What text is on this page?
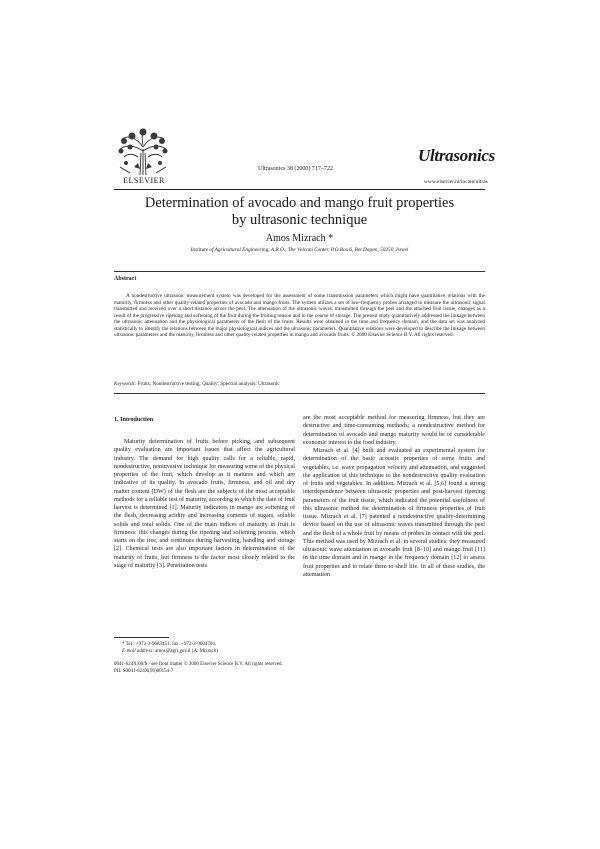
ELSEVIER
Ultrasonics 38 (2000) 717–722
Ultrasonics
www.elsevier.nl/locate/ultras
Determination of avocado and mango fruit properties
by ultrasonic technique
Amos Mizrach *
Institute of Agricultural Engineering, A.R.O., The Volcani Center, P.O.Box 6, Bet Dagan, 50250, Israel
Abstract
A nondestructive ultrasonic measurement system was developed for the assessment of some transmission parameters which might have quantitative relations with the maturity, firmness and other quality-related properties of avocado and mango fruits. The system utilizes a set of low-frequency probes arranged to measure the ultrasonic signal transmitted and received over a short distance across the peel. The attenuation of the ultrasonic waves, transmitted through the peel and the attached fruit tissue, changes as a result of the progressive ripening and softening of the fruit during the fruiting season and in the course of storage. The present study quantitatively addressed the linkage between the ultrasonic attenuation and the physiological parameters of the flesh of the fruits. Results were obtained in the time and frequency domain, and the data set was analyzed statistically to identify the relations between the major physiological indices and the ultrasonic parameters. Quantitative relations were developed to describe the linkage between ultrasonic parameters and the maturity, firmness and other quality-related properties in mango and avocado fruits. © 2000 Elsevier Science B.V. All rights reserved.
Keywords: Fruits; Nondestructive testing; Quality; Spectral analysis; Ultrasonic
1. Introduction

Maturity determination of fruits before picking, and subsequent quality evaluation are important issues that affect the agricultural industry. The demand for high quality calls for a reliable, rapid, nondestructive, noninvasive technique for measuring some of the physical properties of the fruit, which develop as it matures and which are indicative of its quality. In avocado fruits, firmness, and oil and dry matter content (DW) of the flesh are the subjects of the most acceptable methods for a reliable test of maturity, according to which the date of fruit harvest is determined [1]. Maturity indicators in mango are softening of the flesh, decreasing acidity and increasing contents of sugars, soluble solids and total solids. One of the main indices of maturity in fruit is firmness: this changes during the ripening and softening process, which starts on the tree, and continues during harvesting, handling and storage [2]. Chemical tests are also important factors in determination of the maturity of fruits, but firmness is the factor most closely related to the stage of maturity [3]. Penetration tests

are the most acceptable method for measuring firmness, but they are destructive and time-consuming methods; a nondestructive method for determination of avocado and mango maturity would be of considerable economic interest to the food industry.

Mizrach et al. [4] built and evaluated an experimental system for determination of the basic acoustic properties of some fruits and vegetables, i.e. wave propagation velocity and attenuation, and suggested the application of this technique to the nondestructive quality evaluation of fruits and vegetables. In addition, Mizrach et al. [5,6] found a strong interdependence between ultrasonic properties and post-harvest ripening parameters of the fruit tissue, which indicated the potential usefulness of this ultrasonic method for determination of firmness properties of fruit tissue. Mizrach et al. [7] patented a nondestructive quality-determining device based on the use of ultrasonic waves transmitted through the peel and the flesh of a whole fruit by means of probes in contact with the peel. This method was used by Mizrach et al. in several studies: they measured ultrasonic wave attenuation in avocado fruit [8–10] and mango fruit [11] in the time domain and in mango in the frequency domain [12] to assess fruit properties and to relate them to shelf life. In all of these studies, the attenuation

* Tel.: +972-3-9683451; fax: +972-3-9604704.
E-mail address: amos@agri.gov.il (A. Mizrach)
0041-624X/00/$ - see front matter © 2000 Elsevier Science B.V. All rights reserved.
PII: S0041-624X(99)00154-7
